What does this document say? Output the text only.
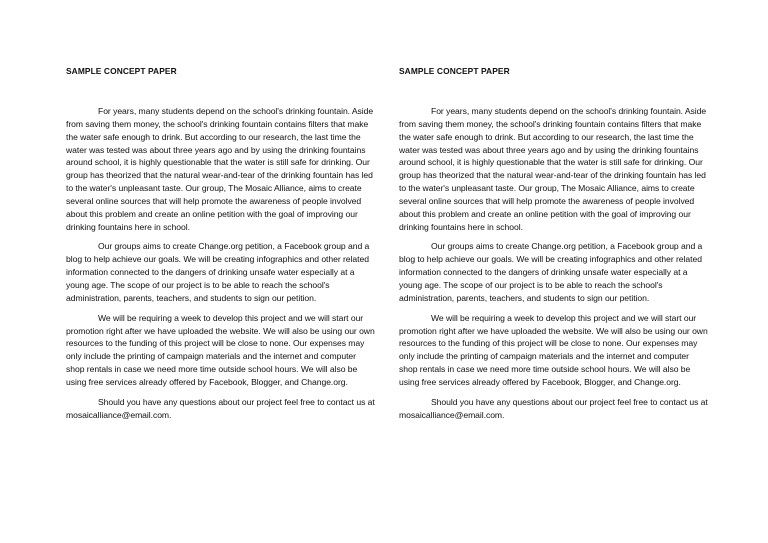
SAMPLE CONCEPT PAPER

For years, many students depend on the school's drinking fountain. Aside from saving them money, the school's drinking fountain contains filters that make the water safe enough to drink. But according to our research, the last time the water was tested was about three years ago and by using the drinking fountains around school, it is highly questionable that the water is still safe for drinking. Our group has theorized that the natural wear-and-tear of the drinking fountain has led to the water's unpleasant taste. Our group, The Mosaic Alliance, aims to create several online sources that will help promote the awareness of people involved about this problem and create an online petition with the goal of improving our drinking fountains here in school.

Our groups aims to create Change.org petition, a Facebook group and a blog to help achieve our goals. We will be creating infographics and other related information connected to the dangers of drinking unsafe water especially at a young age. The scope of our project is to be able to reach the school's administration, parents, teachers, and students to sign our petition.

We will be requiring a week to develop this project and we will start our promotion right after we have uploaded the website. We will also be using our own resources to the funding of this project will be close to none. Our expenses may only include the printing of campaign materials and the internet and computer shop rentals in case we need more time outside school hours. We will also be using free services already offered by Facebook, Blogger, and Change.org.

Should you have any questions about our project feel free to contact us at mosaicalliance@email.com.

SAMPLE CONCEPT PAPER

For years, many students depend on the school's drinking fountain. Aside from saving them money, the school's drinking fountain contains filters that make the water safe enough to drink. But according to our research, the last time the water was tested was about three years ago and by using the drinking fountains around school, it is highly questionable that the water is still safe for drinking. Our group has theorized that the natural wear-and-tear of the drinking fountain has led to the water's unpleasant taste. Our group, The Mosaic Alliance, aims to create several online sources that will help promote the awareness of people involved about this problem and create an online petition with the goal of improving our drinking fountains here in school.

Our groups aims to create Change.org petition, a Facebook group and a blog to help achieve our goals. We will be creating infographics and other related information connected to the dangers of drinking unsafe water especially at a young age. The scope of our project is to be able to reach the school's administration, parents, teachers, and students to sign our petition.

We will be requiring a week to develop this project and we will start our promotion right after we have uploaded the website. We will also be using our own resources to the funding of this project will be close to none. Our expenses may only include the printing of campaign materials and the internet and computer shop rentals in case we need more time outside school hours. We will also be using free services already offered by Facebook, Blogger, and Change.org.

Should you have any questions about our project feel free to contact us at mosaicalliance@email.com.
